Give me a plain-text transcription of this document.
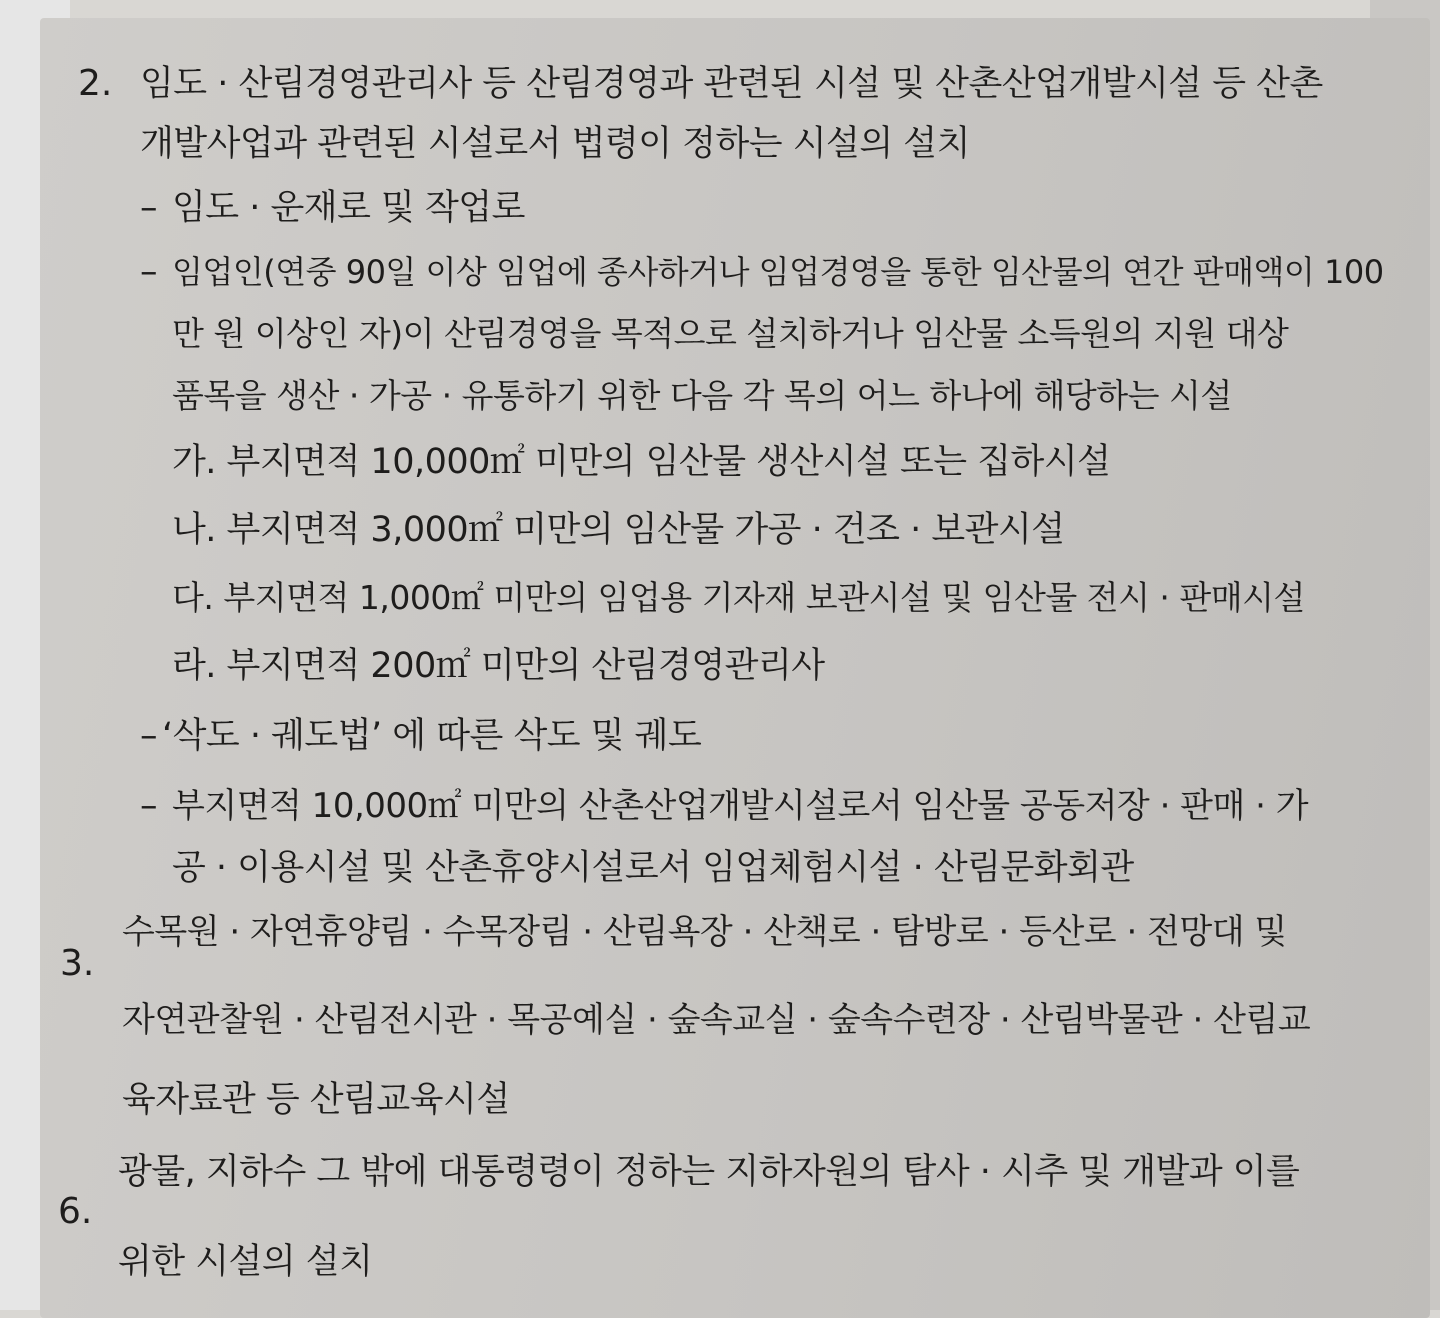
2. 임도 · 산림경영관리사 등 산림경영과 관련된 시설 및 산촌산업개발시설 등 산촌
개발사업과 관련된 시설로서 법령이 정하는 시설의 설치
– 임도 · 운재로 및 작업로
– 임업인(연중 90일 이상 임업에 종사하거나 임업경영을 통한 임산물의 연간 판매액이 100
만 원 이상인 자)이 산림경영을 목적으로 설치하거나 임산물 소득원의 지원 대상
품목을 생산 · 가공 · 유통하기 위한 다음 각 목의 어느 하나에 해당하는 시설
가. 부지면적 10,000㎡ 미만의 임산물 생산시설 또는 집하시설
나. 부지면적 3,000㎡ 미만의 임산물 가공 · 건조 · 보관시설
다. 부지면적 1,000㎡ 미만의 임업용 기자재 보관시설 및 임산물 전시 · 판매시설
라. 부지면적 200㎡ 미만의 산림경영관리사
– ‘삭도 · 궤도법’ 에 따른 삭도 및 궤도
– 부지면적 10,000㎡ 미만의 산촌산업개발시설로서 임산물 공동저장 · 판매 · 가
공 · 이용시설 및 산촌휴양시설로서 임업체험시설 · 산림문화회관
3.
수목원 · 자연휴양림 · 수목장림 · 산림욕장 · 산책로 · 탐방로 · 등산로 · 전망대 및
자연관찰원 · 산림전시관 · 목공예실 · 숲속교실 · 숲속수련장 · 산림박물관 · 산림교
육자료관 등 산림교육시설
6.
광물, 지하수 그 밖에 대통령령이 정하는 지하자원의 탐사 · 시추 및 개발과 이를
위한 시설의 설치
